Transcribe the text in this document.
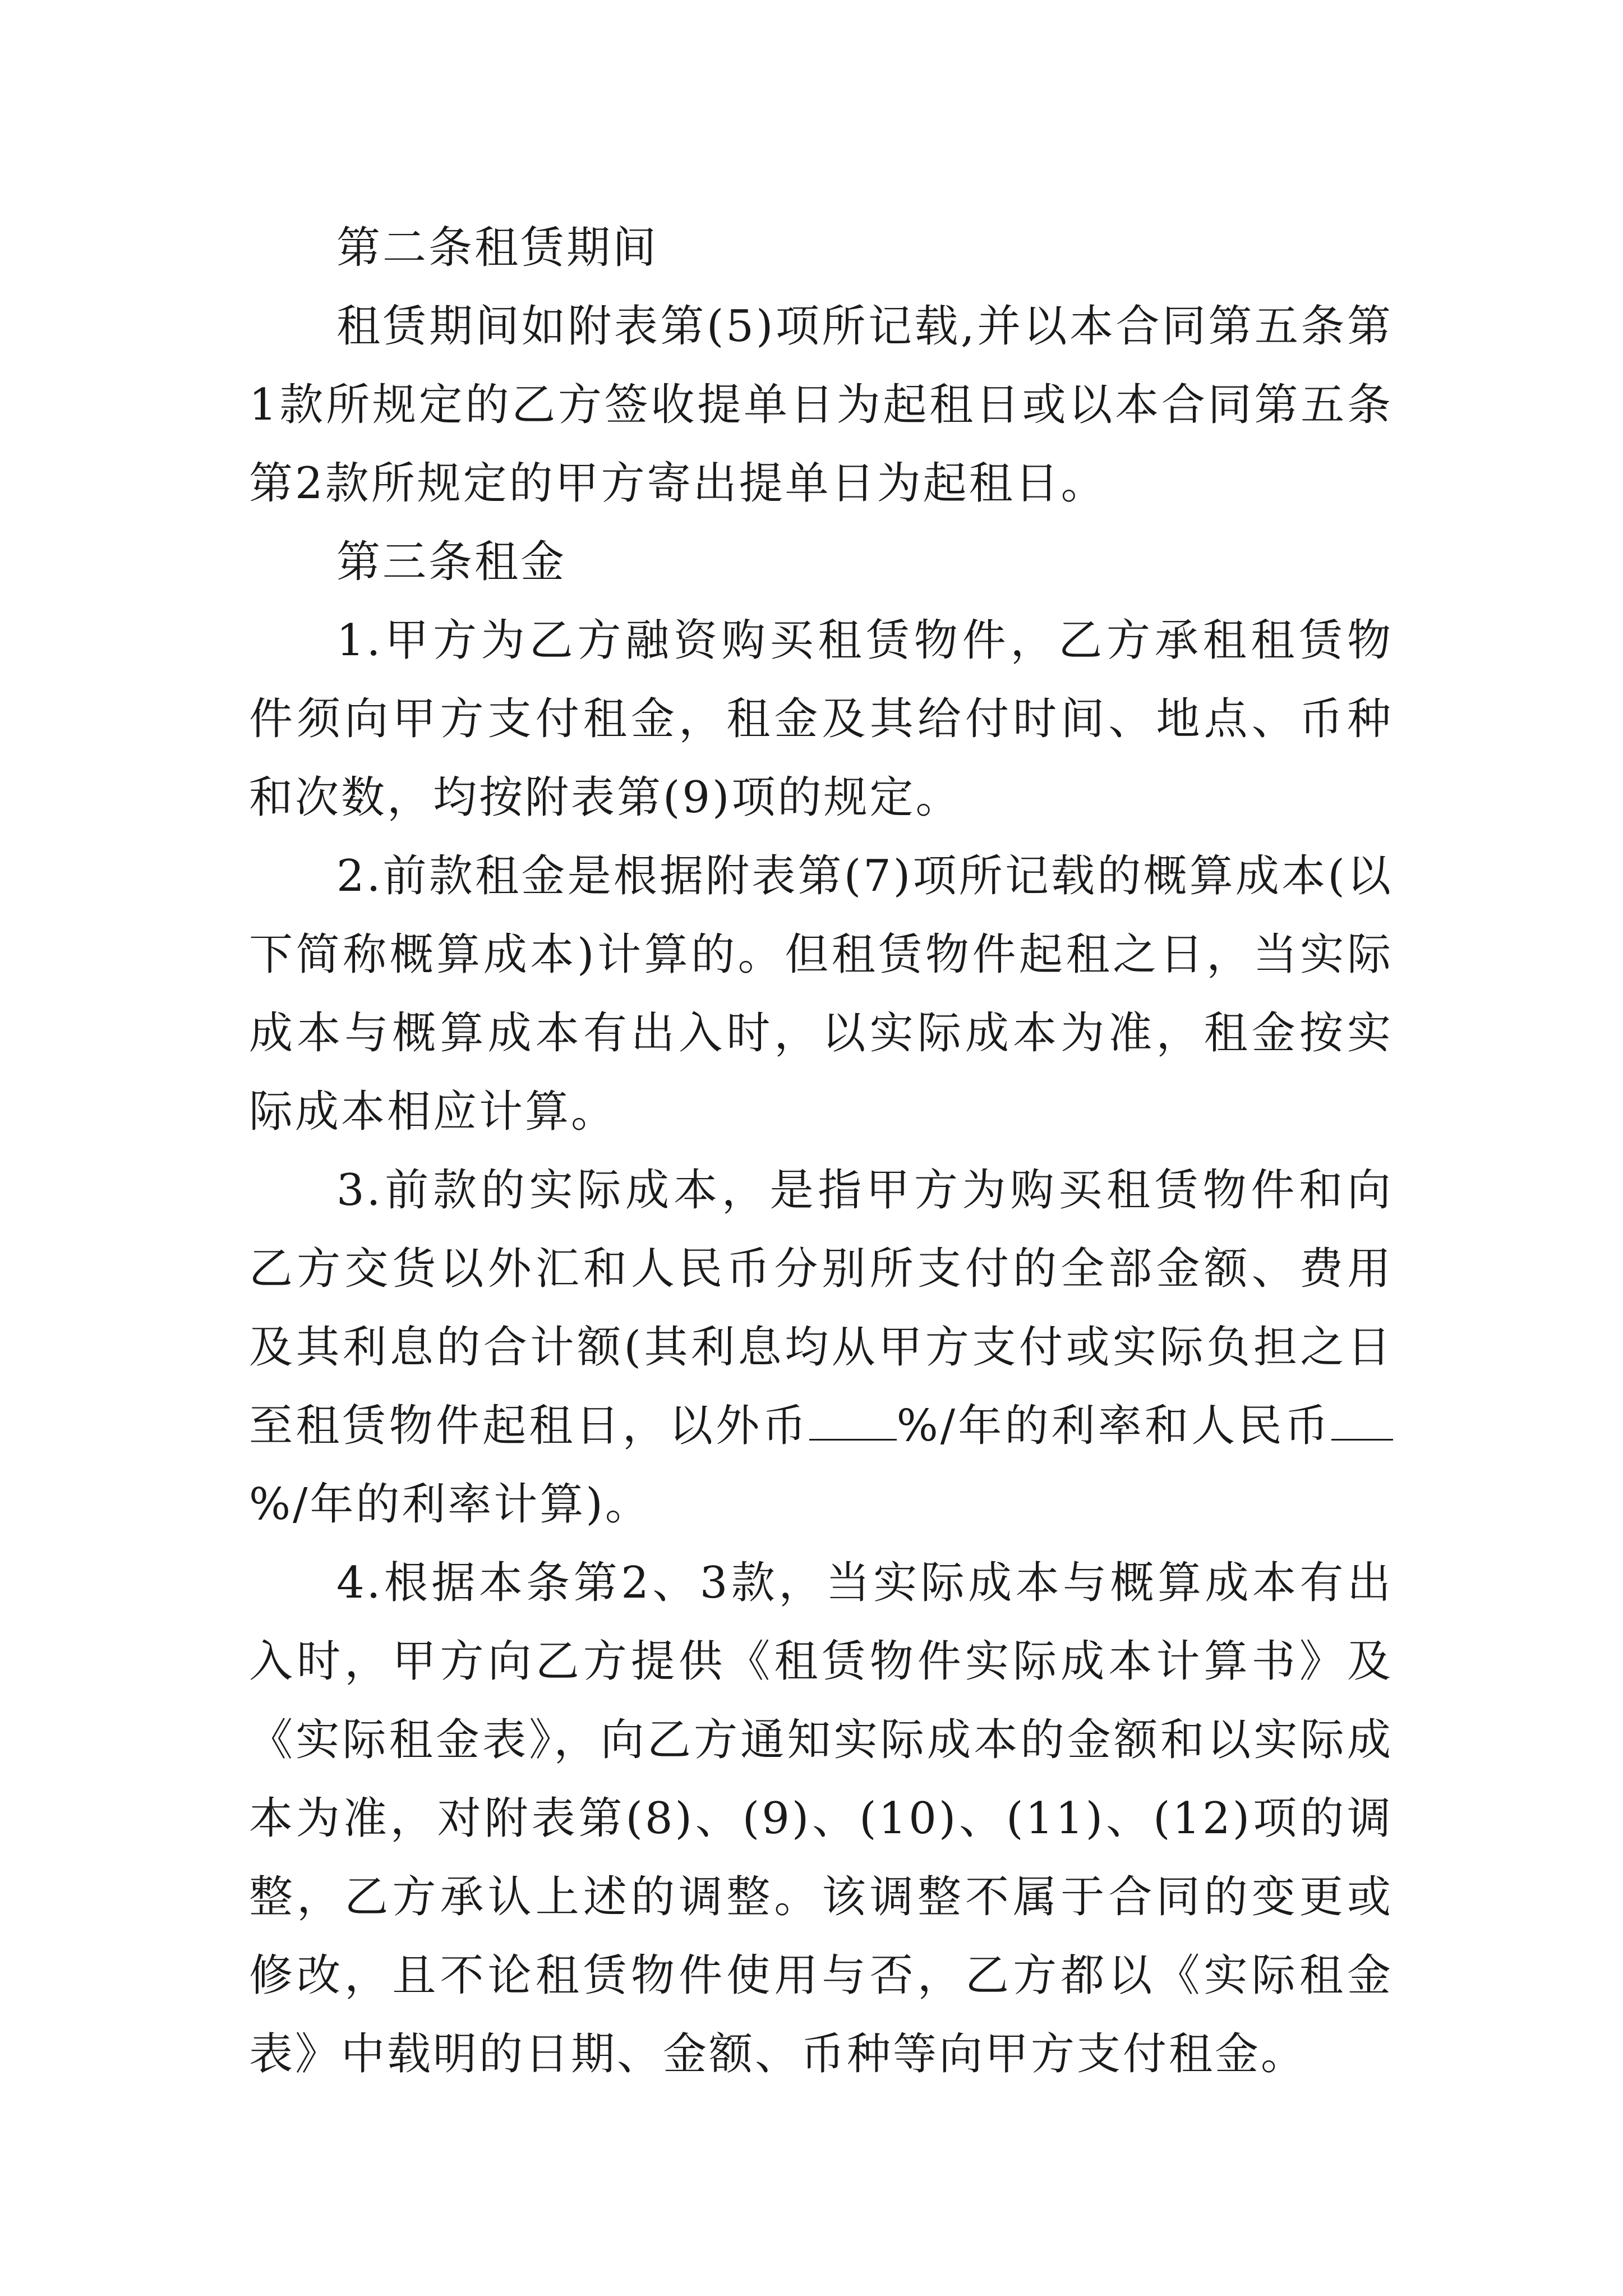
第二条租赁期间

租赁期间如附表第(5)项所记载,并以本合同第五条第1款所规定的乙方签收提单日为起租日或以本合同第五条第2款所规定的甲方寄出提单日为起租日。

第三条租金

1.甲方为乙方融资购买租赁物件，乙方承租租赁物件须向甲方支付租金，租金及其给付时间、地点、币种和次数，均按附表第(9)项的规定。

2.前款租金是根据附表第(7)项所记载的概算成本(以下简称概算成本)计算的。但租赁物件起租之日，当实际成本与概算成本有出入时，以实际成本为准，租金按实际成本相应计算。

3.前款的实际成本，是指甲方为购买租赁物件和向乙方交货以外汇和人民币分别所支付的全部金额、费用及其利息的合计额(其利息均从甲方支付或实际负担之日至租赁物件起租日，以外币 %/年的利率和人民币%/年的利率计算)。

4.根据本条第2、3款，当实际成本与概算成本有出入时，甲方向乙方提供《租赁物件实际成本计算书》及《实际租金表》，向乙方通知实际成本的金额和以实际成本为准，对附表第(8)、(9)、(10)、(11)、(12)项的调整，乙方承认上述的调整。该调整不属于合同的变更或修改，且不论租赁物件使用与否，乙方都以《实际租金表》中载明的日期、金额、币种等向甲方支付租金。
